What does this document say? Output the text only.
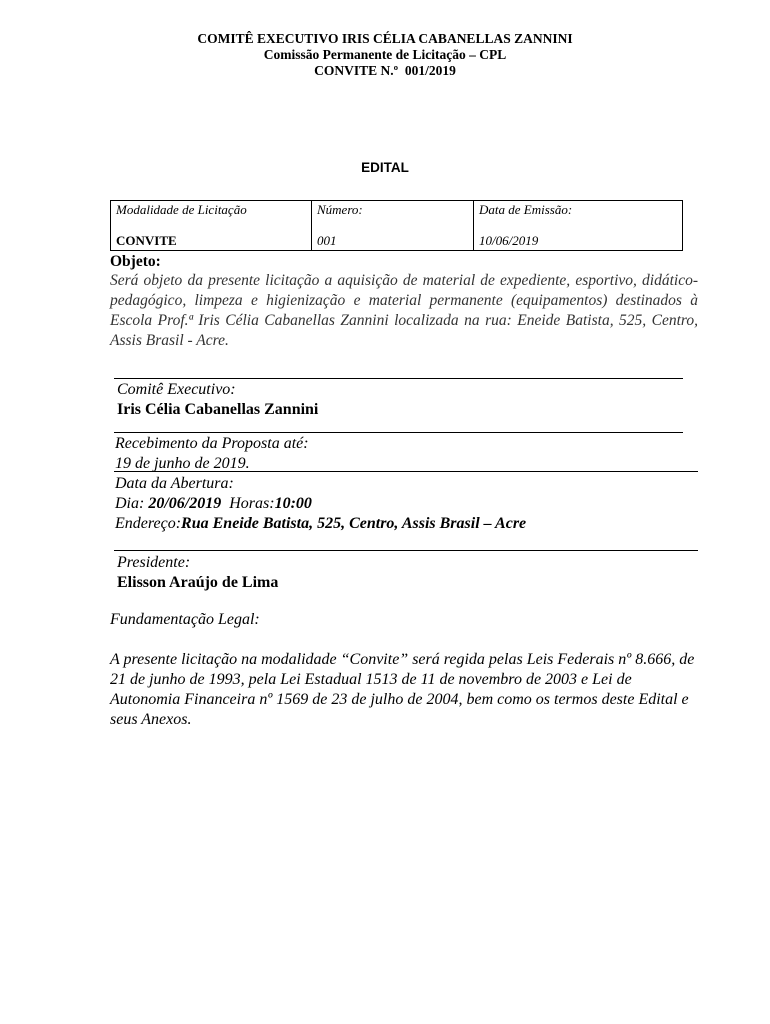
COMITÊ EXECUTIVO IRIS CÉLIA CABANELLAS ZANNINI
Comissão Permanente de Licitação – CPL
CONVITE N.º  001/2019
EDITAL
Modalidade de Licitação
CONVITE

Número:
001

Data de Emissão:
10/06/2019
Objeto:
Será objeto da presente licitação a aquisição de material de expediente, esportivo, didático-pedagógico, limpeza e higienização e material permanente (equipamentos) destinados à Escola Prof.ª Iris Célia Cabanellas Zannini localizada na rua: Eneide Batista, 525, Centro, Assis Brasil - Acre.
Comitê Executivo:
Iris Célia Cabanellas Zannini
Recebimento da Proposta até:
19 de junho de 2019.
Data da Abertura:
Dia: 20/06/2019  Horas:10:00
Endereço:Rua Eneide Batista, 525, Centro, Assis Brasil – Acre
Presidente:
Elisson Araújo de Lima
Fundamentação Legal:
A presente licitação na modalidade “Convite” será regida pelas Leis Federais nº 8.666, de 21 de junho de 1993, pela Lei Estadual 1513 de 11 de novembro de 2003 e Lei de Autonomia Financeira nº 1569 de 23 de julho de 2004, bem como os termos deste Edital e seus Anexos.
